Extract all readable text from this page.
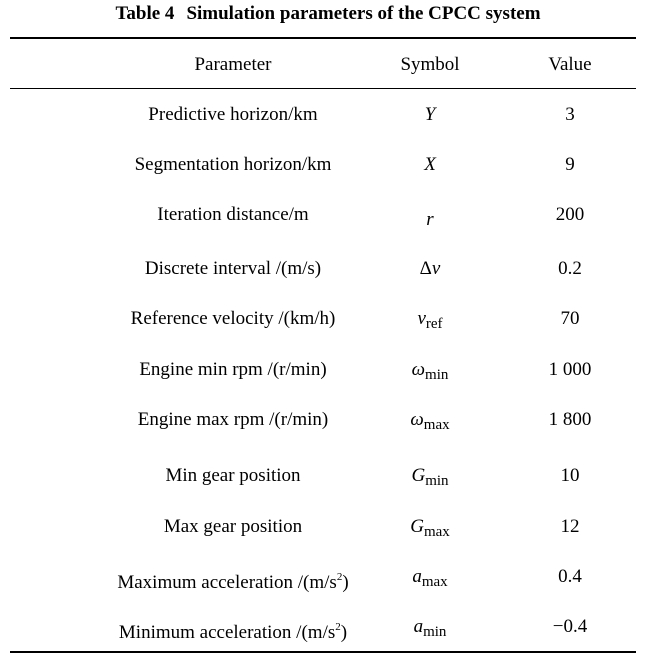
Table 4 Simulation parameters of the CPCC system
Parameter	Symbol	Value
Predictive horizon/km	Y	3
Segmentation horizon/km	X	9
Iteration distance/m	r	200
Discrete interval /(m/s)	Δv	0.2
Reference velocity /(km/h)	$v_{ref}$	70
Engine min rpm /(r/min)	$\omega_{min}$	1 000
Engine max rpm /(r/min)	$\omega_{max}$	1 800
Min gear position	$G_{min}$	10
Max gear position	$G_{max}$	12
Maximum acceleration $/(m/s^2)$	$a_{max}$	0.4
Minimum acceleration $/(m/s^2)$	$a_{min}$	−0.4
